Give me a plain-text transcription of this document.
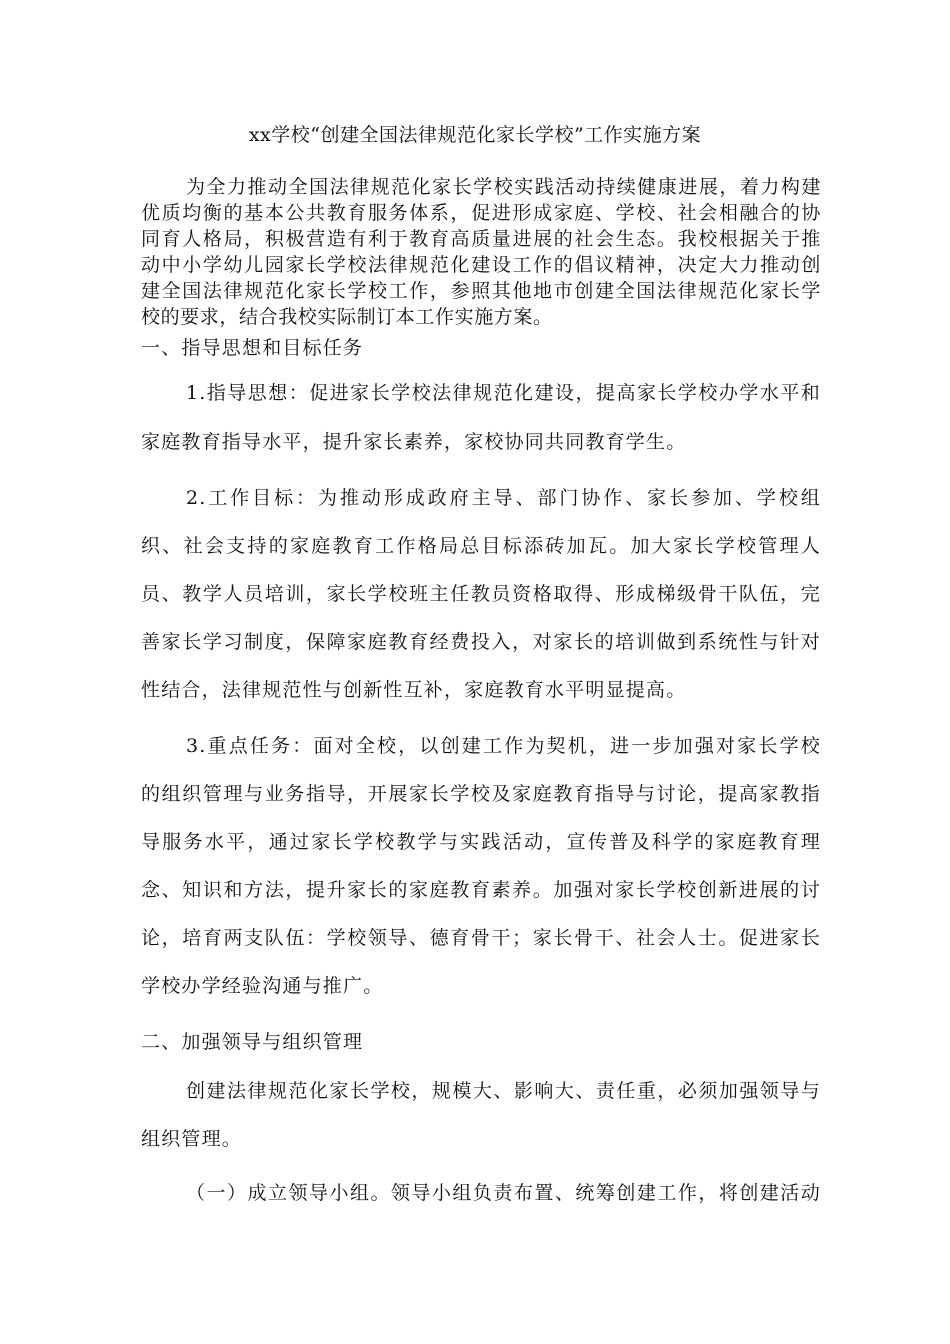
xx学校“创建全国法律规范化家长学校”工作实施方案
为全力推动全国法律规范化家长学校实践活动持续健康进展，着力构建
优质均衡的基本公共教育服务体系，促进形成家庭、学校、社会相融合的协
同育人格局，积极营造有利于教育高质量进展的社会生态。我校根据关于推
动中小学幼儿园家长学校法律规范化建设工作的倡议精神，决定大力推动创
建全国法律规范化家长学校工作，参照其他地市创建全国法律规范化家长学
校的要求，结合我校实际制订本工作实施方案。
一、指导思想和目标任务
1.指导思想：促进家长学校法律规范化建设，提高家长学校办学水平和
家庭教育指导水平，提升家长素养，家校协同共同教育学生。
2.工作目标：为推动形成政府主导、部门协作、家长参加、学校组
织、社会支持的家庭教育工作格局总目标添砖加瓦。加大家长学校管理人
员、教学人员培训，家长学校班主任教员资格取得、形成梯级骨干队伍，完
善家长学习制度，保障家庭教育经费投入，对家长的培训做到系统性与针对
性结合，法律规范性与创新性互补，家庭教育水平明显提高。
3.重点任务：面对全校，以创建工作为契机，进一步加强对家长学校
的组织管理与业务指导，开展家长学校及家庭教育指导与讨论，提高家教指
导服务水平，通过家长学校教学与实践活动，宣传普及科学的家庭教育理
念、知识和方法，提升家长的家庭教育素养。加强对家长学校创新进展的讨
论，培育两支队伍：学校领导、德育骨干；家长骨干、社会人士。促进家长
学校办学经验沟通与推广。
二、加强领导与组织管理
创建法律规范化家长学校，规模大、影响大、责任重，必须加强领导与
组织管理。
（一）成立领导小组。领导小组负责布置、统筹创建工作，将创建活动
